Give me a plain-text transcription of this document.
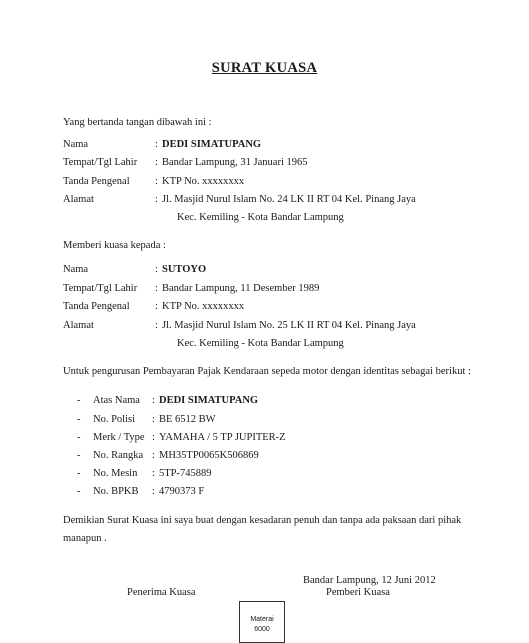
SURAT KUASA
Yang bertanda tangan dibawah ini :
Nama	: DEDI SIMATUPANG
Tempat/Tgl Lahir : Bandar Lampung, 31 Januari 1965
Tanda Pengenal : KTP No. xxxxxxxx
Alamat	: Jl. Masjid Nurul Islam No. 24 LK II RT 04 Kel. Pinang Jaya
Kec. Kemiling - Kota Bandar Lampung
Memberi kuasa kepada :
Nama	: SUTOYO
Tempat/Tgl Lahir : Bandar Lampung, 11 Desember 1989
Tanda Pengenal : KTP No. xxxxxxxx
Alamat	: Jl. Masjid Nurul Islam No. 25 LK II RT 04 Kel. Pinang Jaya
Kec. Kemiling - Kota Bandar Lampung
Untuk pengurusan Pembayaran Pajak Kendaraan sepeda motor dengan identitas sebagai berikut :
- Atas Nama : DEDI SIMATUPANG
- No. Polisi : BE 6512 BW
- Merk / Type : YAMAHA / 5 TP JUPITER-Z
- No. Rangka : MH35TP0065K506869
- No. Mesin : 5TP-745889
- No. BPKB : 4790373 F
Demikian Surat Kuasa ini saya buat dengan kesadaran penuh dan tanpa ada paksaan dari pihak
manapun .
Bandar Lampung, 12 Juni 2012
Penerima Kuasa	Pemberi Kuasa
Materai
6000
